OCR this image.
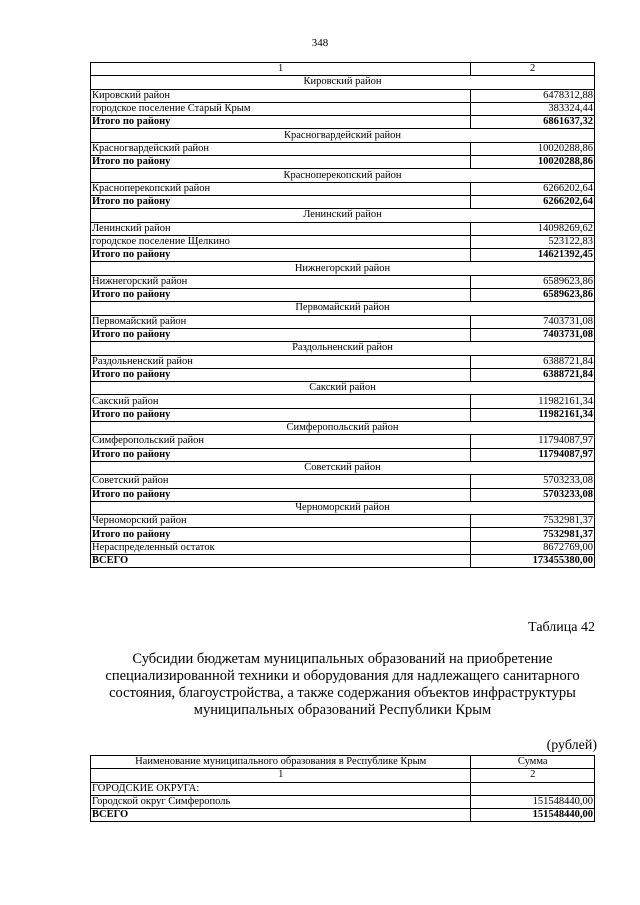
348
1	2
Кировский район	
Кировский район	6478312,88
городское поселение Старый Крым	383324,44
Итого по району	6861637,32
Красногвардейский район	
Красногвардейский район	10020288,86
Итого по району	10020288,86
Красноперекопский район	
Красноперекопский район	6266202,64
Итого по району	6266202,64
Ленинский район	
Ленинский район	14098269,62
городское поселение Щелкино	523122,83
Итого по району	14621392,45
Нижнегорский район	
Нижнегорский район	6589623,86
Итого по району	6589623,86
Первомайский район	
Первомайский район	7403731,08
Итого по району	7403731,08
Раздольненский район	
Раздольненский район	6388721,84
Итого по району	6388721,84
Сакский район	
Сакский район	11982161,34
Итого по району	11982161,34
Симферопольский район	
Симферопольский район	11794087,97
Итого по району	11794087,97
Советский район	
Советский район	5703233,08
Итого по району	5703233,08
Черноморский район	
Черноморский район	7532981,37
Итого по району	7532981,37
Нераспределенный остаток	8672769,00
ВСЕГО	173455380,00
Таблица 42
Субсидии бюджетам муниципальных образований на приобретение специализированной техники и оборудования для надлежащего санитарного состояния, благоустройства, а также содержания объектов инфраструктуры муниципальных образований Республики Крым
(рублей)
Наименование муниципального образования в Республике Крым	Сумма
1	2
ГОРОДСКИЕ ОКРУГА:	
Городской округ Симферополь	151548440,00
ВСЕГО	151548440,00
